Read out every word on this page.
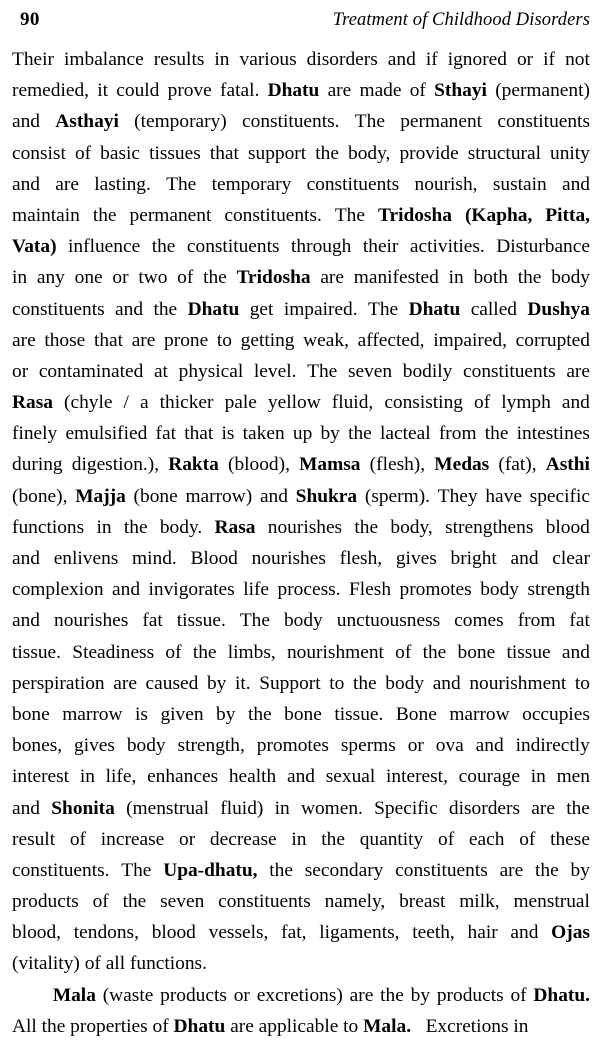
90	Treatment of Childhood Disorders
Their imbalance results in various disorders and if ignored or if not
remedied, it could prove fatal. Dhatu are made of Sthayi (permanent)
and Asthayi (temporary) constituents. The permanent constituents
consist of basic tissues that support the body, provide structural unity
and are lasting. The temporary constituents nourish, sustain and
maintain the permanent constituents. The Tridosha (Kapha, Pitta,
Vata) influence the constituents through their activities. Disturbance
in any one or two of the Tridosha are manifested in both the body
constituents and the Dhatu get impaired. The Dhatu called Dushya
are those that are prone to getting weak, affected, impaired, corrupted
or contaminated at physical level. The seven bodily constituents are
Rasa (chyle / a thicker pale yellow fluid, consisting of lymph and
finely emulsified fat that is taken up by the lacteal from the intestines
during digestion.), Rakta (blood), Mamsa (flesh), Medas (fat), Asthi
(bone), Majja (bone marrow) and Shukra (sperm). They have specific
functions in the body. Rasa nourishes the body, strengthens blood
and enlivens mind. Blood nourishes flesh, gives bright and clear
complexion and invigorates life process. Flesh promotes body strength
and nourishes fat tissue. The body unctuousness comes from fat
tissue. Steadiness of the limbs, nourishment of the bone tissue and
perspiration are caused by it. Support to the body and nourishment to
bone marrow is given by the bone tissue. Bone marrow occupies
bones, gives body strength, promotes sperms or ova and indirectly
interest in life, enhances health and sexual interest, courage in men
and Shonita (menstrual fluid) in women. Specific disorders are the
result of increase or decrease in the quantity of each of these
constituents. The Upa-dhatu, the secondary constituents are the by
products of the seven constituents namely, breast milk, menstrual
blood, tendons, blood vessels, fat, ligaments, teeth, hair and Ojas
(vitality) of all functions.
Mala (waste products or excretions) are the by products of Dhatu.
All the properties of Dhatu are applicable to Mala. Excretions in
